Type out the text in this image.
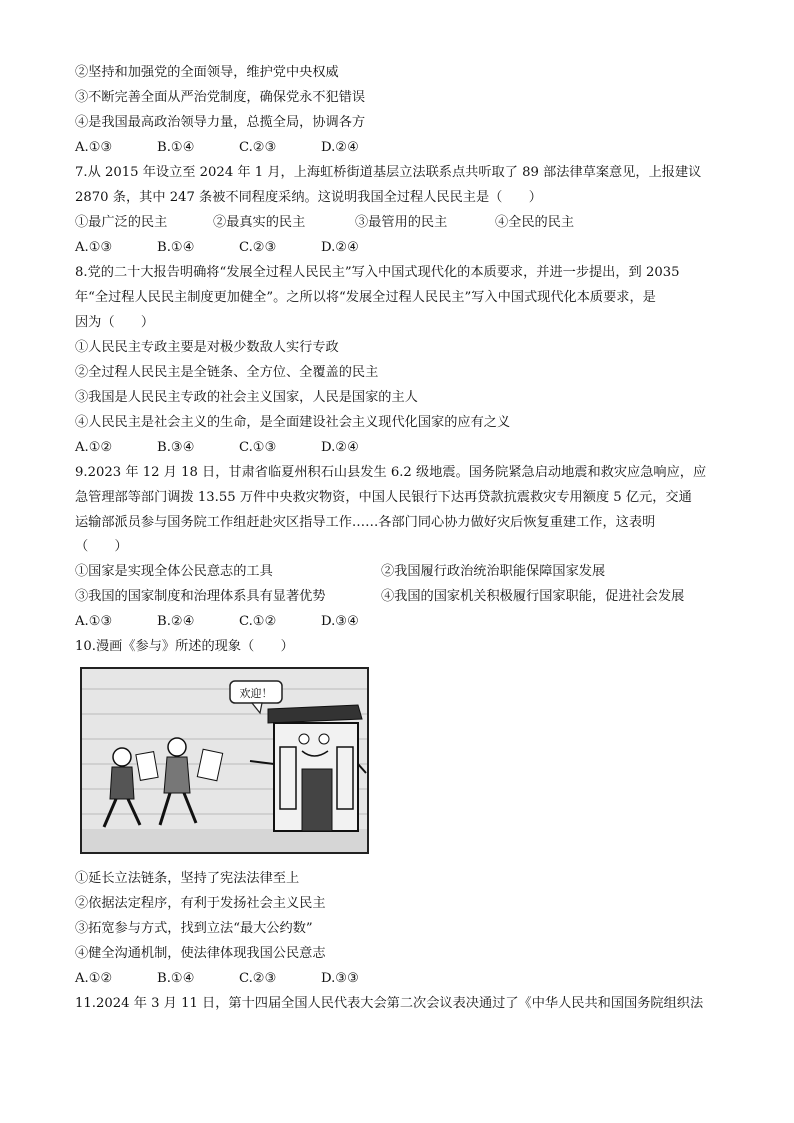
②坚持和加强党的全面领导，维护党中央权威
③不断完善全面从严治党制度，确保党永不犯错误
④是我国最高政治领导力量，总揽全局，协调各方
A.①③	B.①④	C.②③	D.②④
7.从 2015 年设立至 2024 年 1 月，上海虹桥街道基层立法联系点共听取了 89 部法律草案意见，上报建议
2870 条，其中 247 条被不同程度采纳。这说明我国全过程人民民主是（　　）
①最广泛的民主	②最真实的民主	③最管用的民主	④全民的民主
A.①③	B.①④	C.②③	D.②④
8.党的二十大报告明确将“发展全过程人民民主”写入中国式现代化的本质要求，并进一步提出，到 2035
年“全过程人民民主制度更加健全”。之所以将“发展全过程人民民主”写入中国式现代化本质要求，是
因为（　　）
①人民民主专政主要是对极少数敌人实行专政
②全过程人民民主是全链条、全方位、全覆盖的民主
③我国是人民民主专政的社会主义国家，人民是国家的主人
④人民民主是社会主义的生命，是全面建设社会主义现代化国家的应有之义
A.①②	B.③④	C.①③	D.②④
9.2023 年 12 月 18 日，甘肃省临夏州积石山县发生 6.2 级地震。国务院紧急启动地震和救灾应急响应，应
急管理部等部门调拨 13.55 万件中央救灾物资，中国人民银行下达再贷款抗震救灾专用额度 5 亿元，交通
运输部派员参与国务院工作组赶赴灾区指导工作……各部门同心协力做好灾后恢复重建工作，这表明
（　　）
①国家是实现全体公民意志的工具	②我国履行政治统治职能保障国家发展
③我国的国家制度和治理体系具有显著优势	④我国的国家机关积极履行国家职能，促进社会发展
A.①③	B.②④	C.①②	D.③④
10.漫画《参与》所述的现象（　　）
欢迎！
①延长立法链条，坚持了宪法法律至上
②依据法定程序，有利于发扬社会主义民主
③拓宽参与方式，找到立法“最大公约数”
④健全沟通机制，使法律体现我国公民意志
A.①②	B.①④	C.②③	D.③③
11.2024 年 3 月 11 日，第十四届全国人民代表大会第二次会议表决通过了《中华人民共和国国务院组织法
